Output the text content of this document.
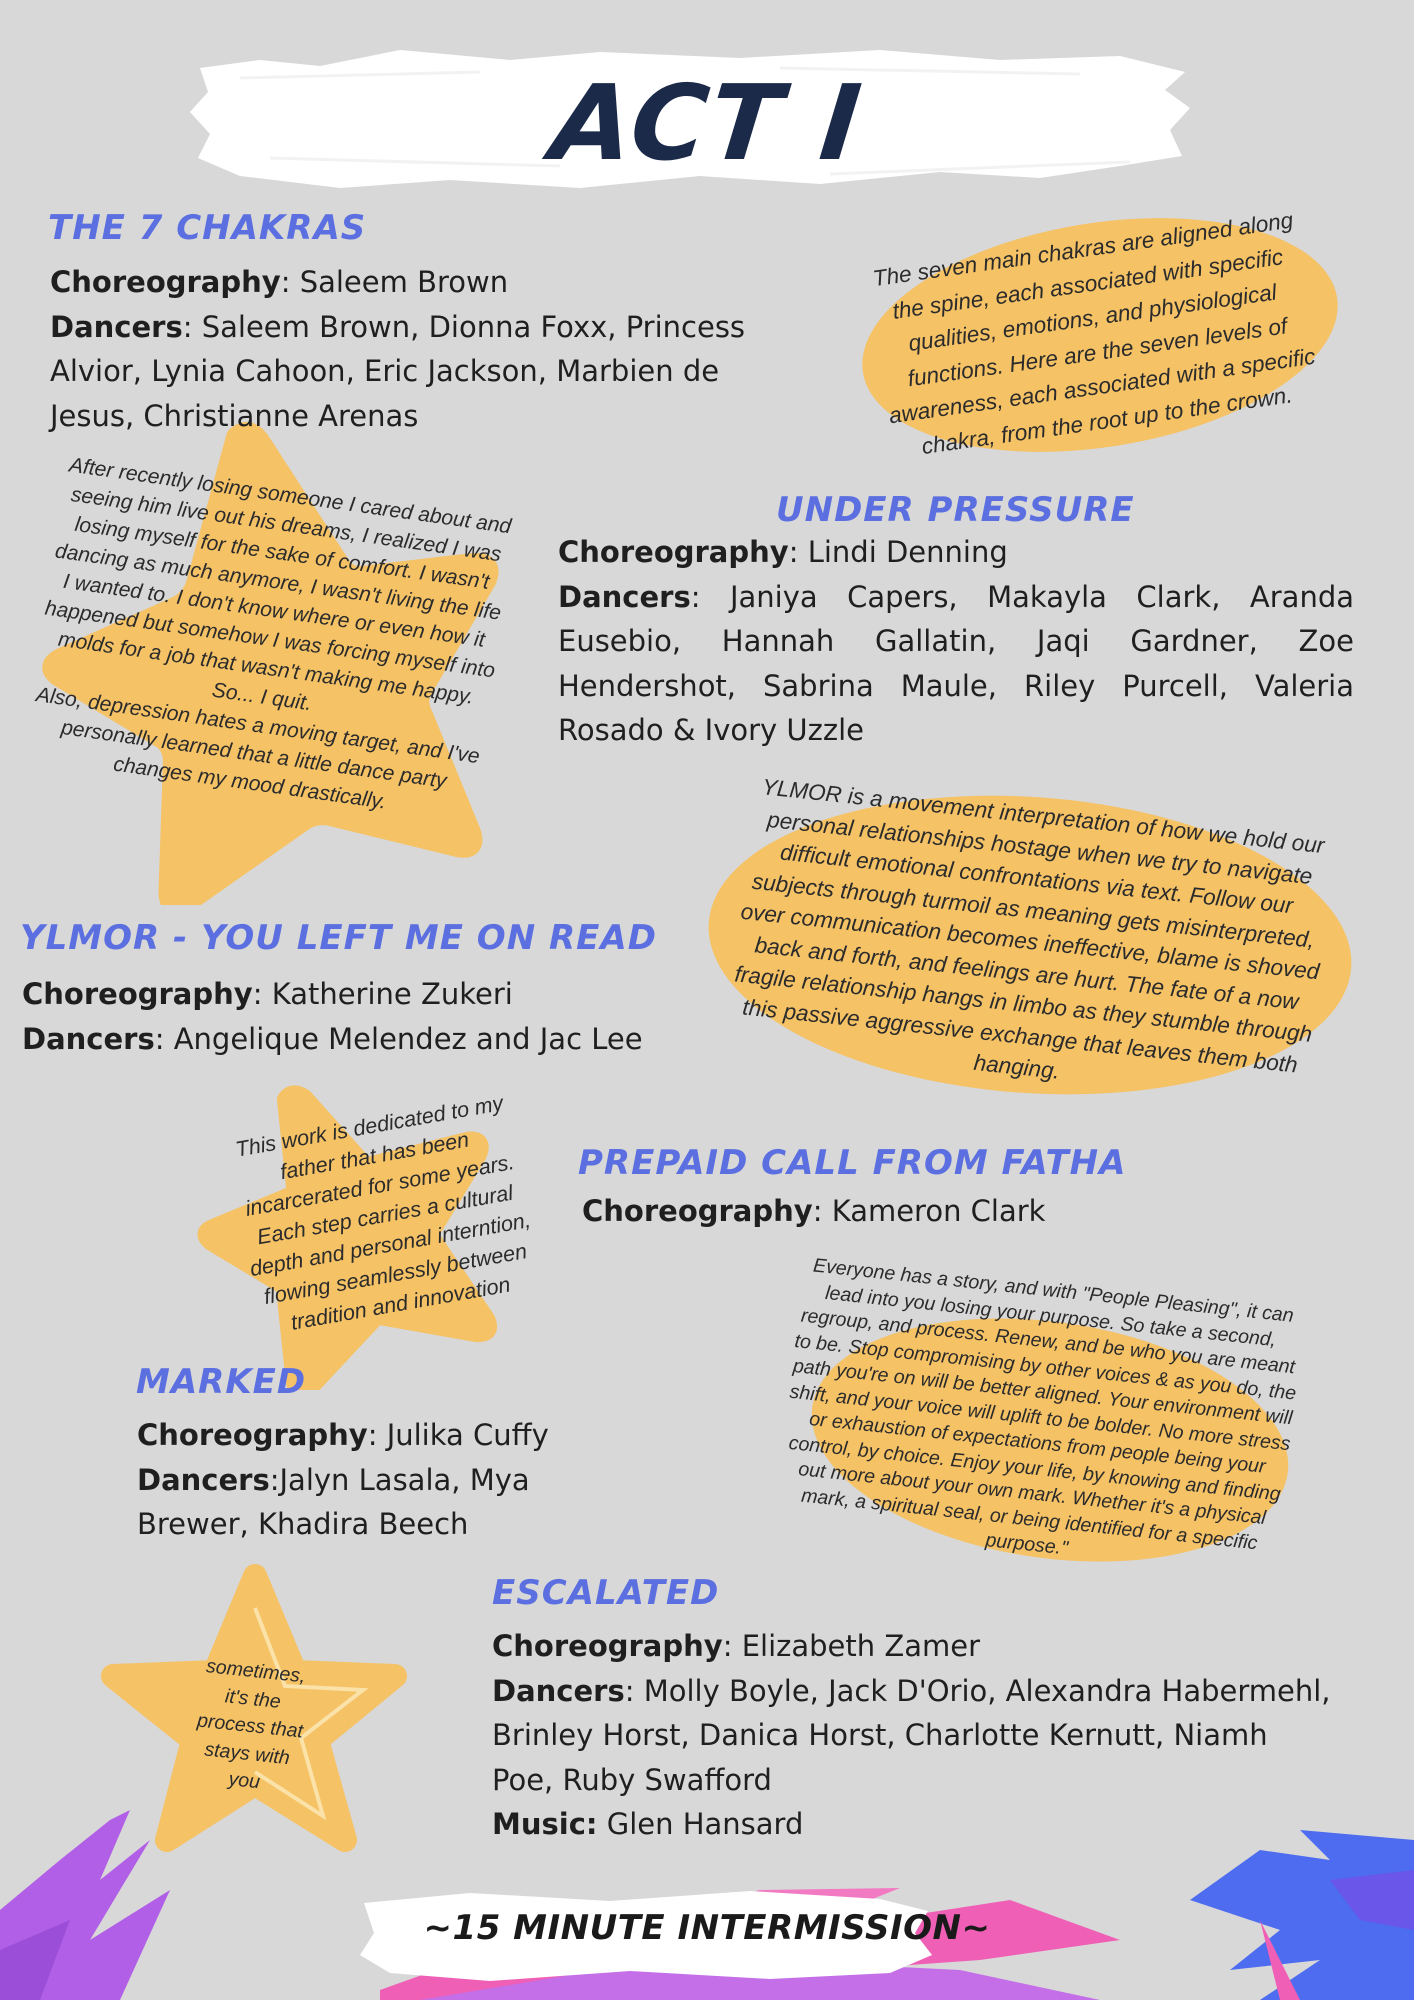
ACT I
~15 MINUTE INTERMISSION~
THE 7 CHAKRAS

Choreography: Saleem Brown

Dancers: Saleem Brown, Dionna Foxx, Princess Alvior, Lynia Cahoon, Eric Jackson, Marbien de Jesus, Christianne Arenas

The seven main chakras are aligned along
the spine, each associated with specific
qualities, emotions, and physiological
functions. Here are the seven levels of
awareness, each associated with a specific
chakra, from the root up to the crown.
After recently losing someone I cared about and
seeing him live out his dreams, I realized I was
losing myself for the sake of comfort. I wasn't
dancing as much anymore, I wasn't living the life
I wanted to. I don't know where or even how it
happened but somehow I was forcing myself into
molds for a job that wasn't making me happy.
So... I quit.
Also, depression hates a moving target, and I've
personally learned that a little dance party
changes my mood drastically.
UNDER PRESSURE

Choreography: Lindi Denning

Dancers: Janiya Capers, Makayla Clark, Aranda Eusebio, Hannah Gallatin, Jaqi Gardner, Zoe Hendershot, Sabrina Maule, Riley Purcell, Valeria Rosado & Ivory Uzzle

YLMOR is a movement interpretation of how we hold our
personal relationships hostage when we try to navigate
difficult emotional confrontations via text. Follow our
subjects through turmoil as meaning gets misinterpreted,
over communication becomes ineffective, blame is shoved
back and forth, and feelings are hurt. The fate of a now
fragile relationship hangs in limbo as they stumble through
this passive aggressive exchange that leaves them both
hanging.
YLMOR - YOU LEFT ME ON READ

Choreography: Katherine Zukeri

Dancers: Angelique Melendez and Jac Lee

This work is dedicated to my
father that has been
incarcerated for some years.
Each step carries a cultural
depth and personal interntion,
flowing seamlessly between
tradition and innovation
PREPAID CALL FROM FATHA

Choreography: Kameron Clark

Everyone has a story, and with "People Pleasing", it can
lead into you losing your purpose. So take a second,
regroup, and process. Renew, and be who you are meant
to be. Stop compromising by other voices & as you do, the
path you're on will be better aligned. Your environment will
shift, and your voice will uplift to be bolder. No more stress
or exhaustion of expectations from people being your
control, by choice. Enjoy your life, by knowing and finding
out more about your own mark. Whether it's a physical
mark, a spiritual seal, or being identified for a specific
purpose."
MARKED

Choreography: Julika Cuffy

Dancers:Jalyn Lasala, Mya Brewer, Khadira Beech

sometimes,
it's the
process that
stays with
you
ESCALATED

Choreography: Elizabeth Zamer

Dancers: Molly Boyle, Jack D'Orio, Alexandra Habermehl, Brinley Horst, Danica Horst, Charlotte Kernutt, Niamh Poe, Ruby Swafford

Music: Glen Hansard
